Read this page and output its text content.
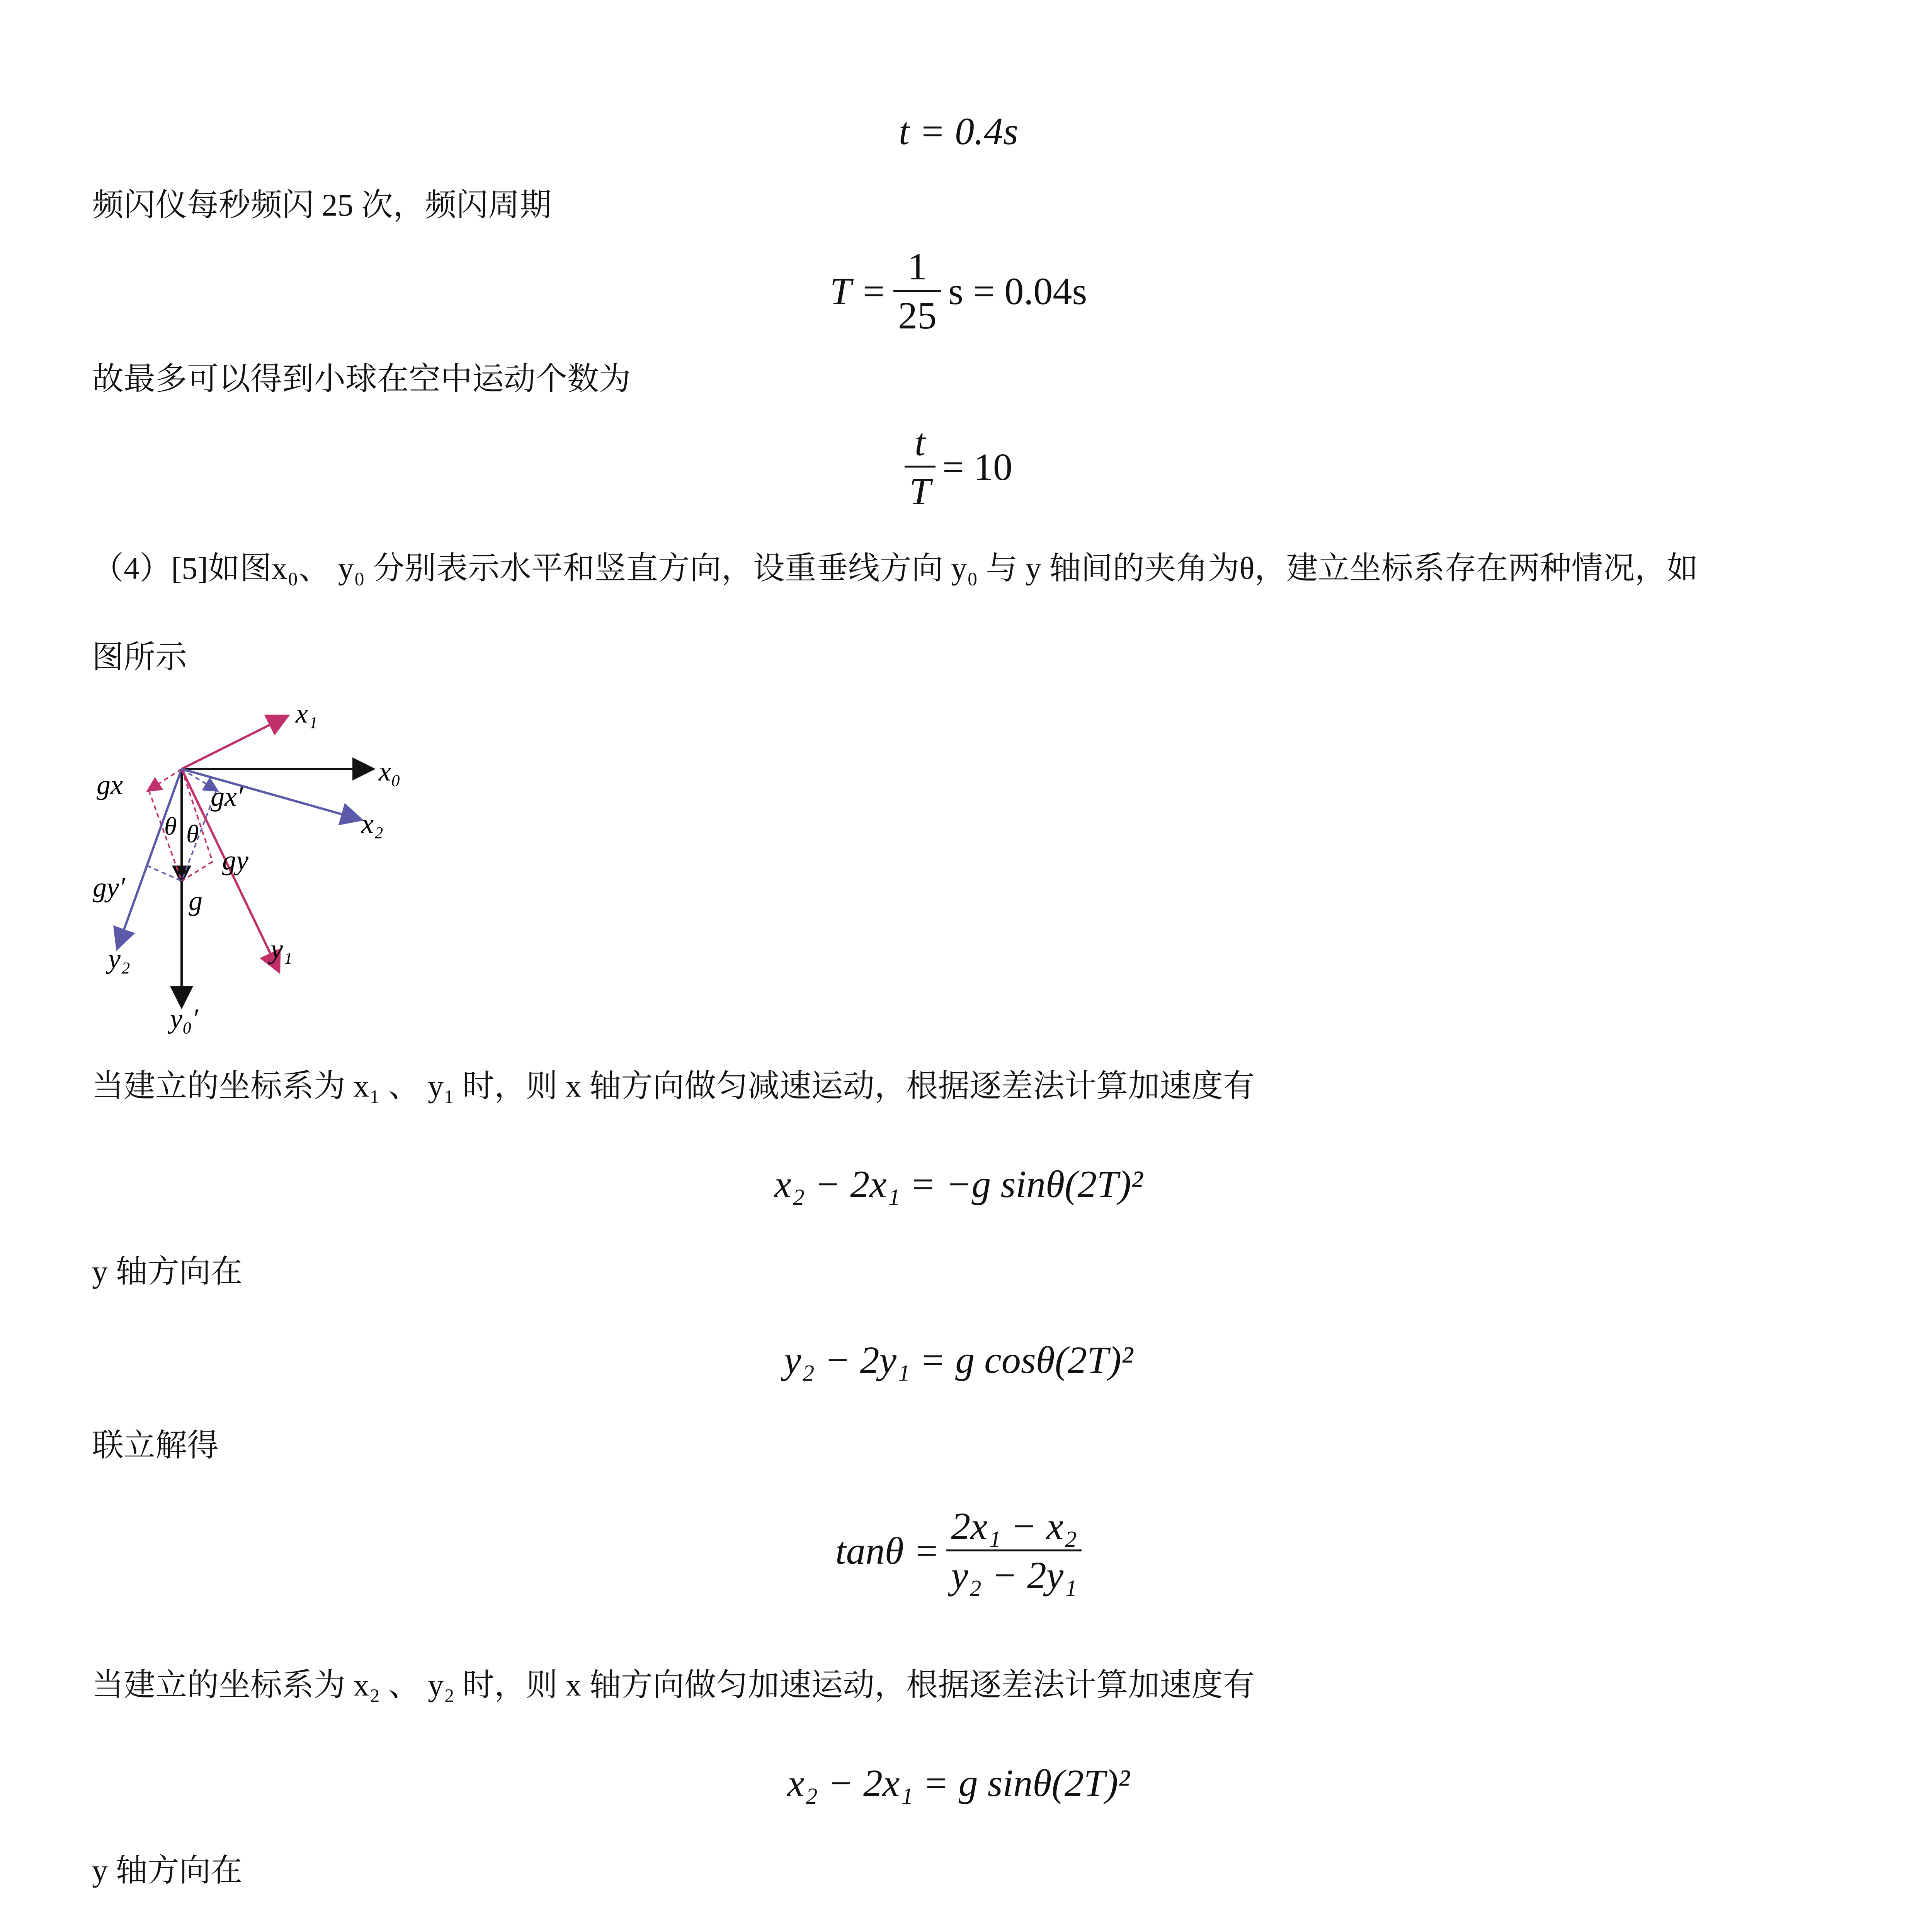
t = 0.4s
频闪仪每秒频闪 25 次，频闪周期
$T = \frac{1}{25}$ s = 0.04s
故最多可以得到小球在空中运动个数为
$\frac{t}{T} = 10$
（4）[5]如图x₀、 y₀ 分别表示水平和竖直方向，设重垂线方向 y₀ 与 y 轴间的夹角为θ，建立坐标系存在两种情况，如
图所示
x₁
x₀
x₂
gx	gx′
θ θ
gy
gy′ g
y₂	y₁
y₀′
当建立的坐标系为 x₁ 、 y₁ 时，则 x 轴方向做匀减速运动，根据逐差法计算加速度有
x₂ − 2x₁ = −g sinθ(2T)²
y 轴方向在
y₂ − 2y₁ = g cosθ(2T)²
联立解得
$\tan\theta = \frac{\text{2x₁ − x₂}}{\text{y₂ − 2y₁}}$
当建立的坐标系为 x₂ 、 y₂ 时，则 x 轴方向做匀加速运动，根据逐差法计算加速度有
x₂ − 2x₁ = g sinθ(2T)²
y 轴方向在
